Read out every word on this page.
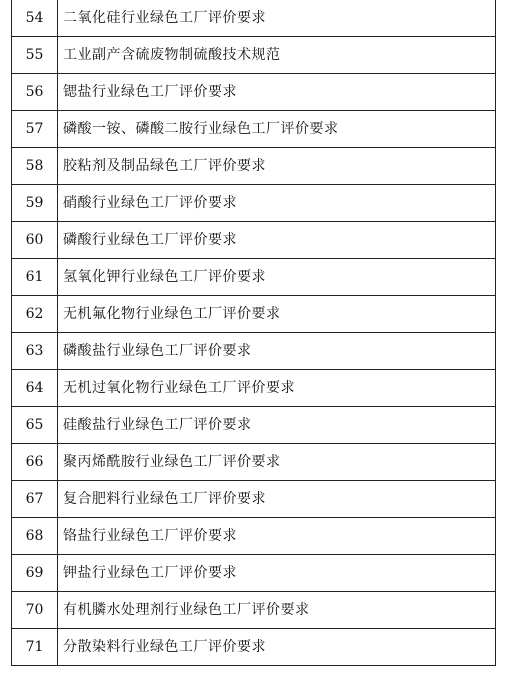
54	二氧化硅行业绿色工厂评价要求
55	工业副产含硫废物制硫酸技术规范
56	锶盐行业绿色工厂评价要求
57	磷酸一铵、磷酸二胺行业绿色工厂评价要求
58	胶粘剂及制品绿色工厂评价要求
59	硝酸行业绿色工厂评价要求
60	磷酸行业绿色工厂评价要求
61	氢氧化钾行业绿色工厂评价要求
62	无机氟化物行业绿色工厂评价要求
63	磷酸盐行业绿色工厂评价要求
64	无机过氧化物行业绿色工厂评价要求
65	硅酸盐行业绿色工厂评价要求
66	聚丙烯酰胺行业绿色工厂评价要求
67	复合肥料行业绿色工厂评价要求
68	铬盐行业绿色工厂评价要求
69	钾盐行业绿色工厂评价要求
70	有机膦水处理剂行业绿色工厂评价要求
71	分散染料行业绿色工厂评价要求
